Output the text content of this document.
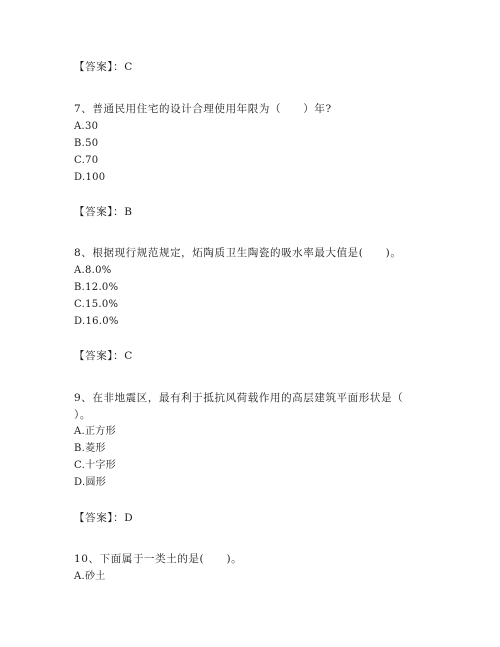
【答案】：C
7、普通民用住宅的设计合理使用年限为（　　）年?
A.30
B.50
C.70
D.100
【答案】：B
8、根据现行规范规定，炻陶质卫生陶瓷的吸水率最大值是(　　)。
A.8.0%
B.12.0%
C.15.0%
D.16.0%
【答案】：C
9、在非地震区，最有利于抵抗风荷载作用的高层建筑平面形状是（
）。
A.正方形
B.菱形
C.十字形
D.圆形
【答案】：D
10、下面属于一类土的是(　　)。
A.砂土
